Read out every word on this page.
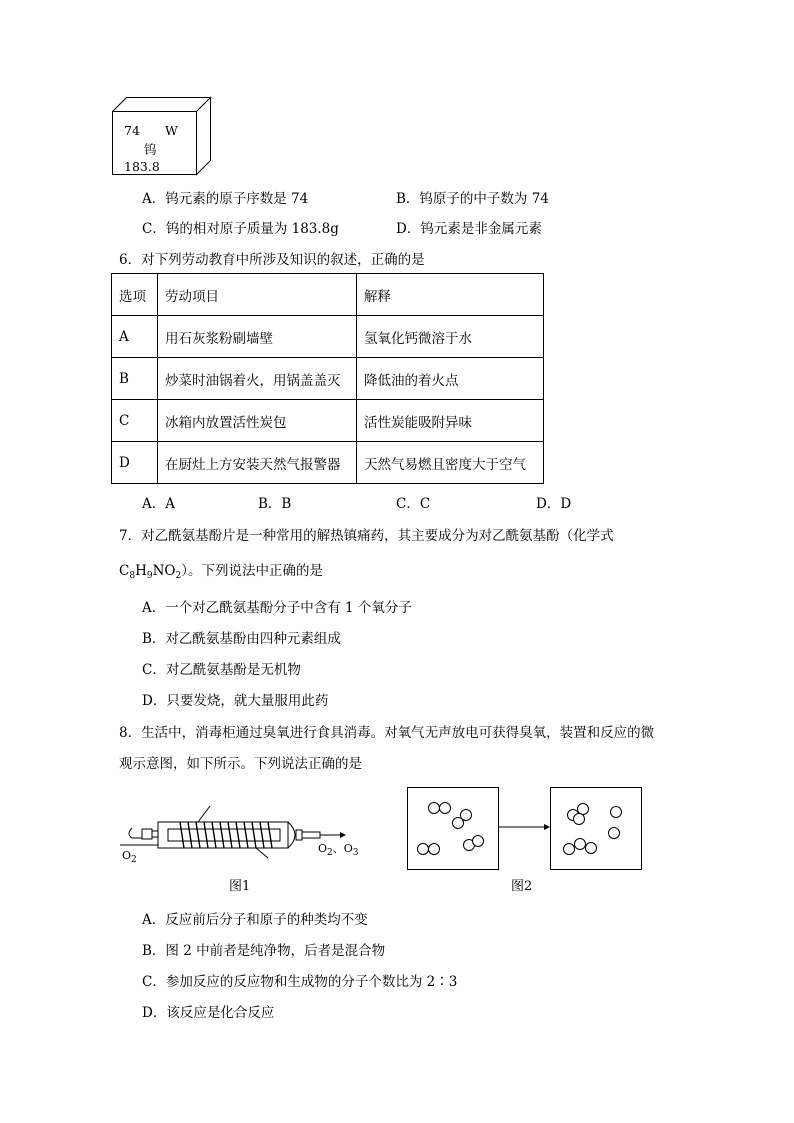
74 W
钨
183.8
A．钨元素的原子序数是 74	B．钨原子的中子数为 74
C．钨的相对原子质量为 183.8g	D．钨元素是非金属元素
6．对下列劳动教育中所涉及知识的叙述，正确的是
选项	劳动项目	解释
A	用石灰浆粉刷墙壁	氢氧化钙微溶于水
B	炒菜时油锅着火，用锅盖盖灭	降低油的着火点
C	冰箱内放置活性炭包	活性炭能吸附异味
D	在厨灶上方安装天然气报警器	天然气易燃且密度大于空气
A．A	B．B	C．C	D．D
7．对乙酰氨基酚片是一种常用的解热镇痛药，其主要成分为对乙酰氨基酚（化学式
$C_8H_9NO_2$）。下列说法中正确的是
A．一个对乙酰氨基酚分子中含有 1 个氧分子
B．对乙酰氨基酚由四种元素组成
C．对乙酰氨基酚是无机物
D．只要发烧，就大量服用此药
8．生活中，消毒柜通过臭氧进行食具消毒。对氧气无声放电可获得臭氧，装置和反应的微
观示意图，如下所示。下列说法正确的是
$O_2$
$O_2$、$O_3$
图1	图2
A．反应前后分子和原子的种类均不变
B．图 2 中前者是纯净物，后者是混合物
C．参加反应的反应物和生成物的分子个数比为 2∶3
D．该反应是化合反应
